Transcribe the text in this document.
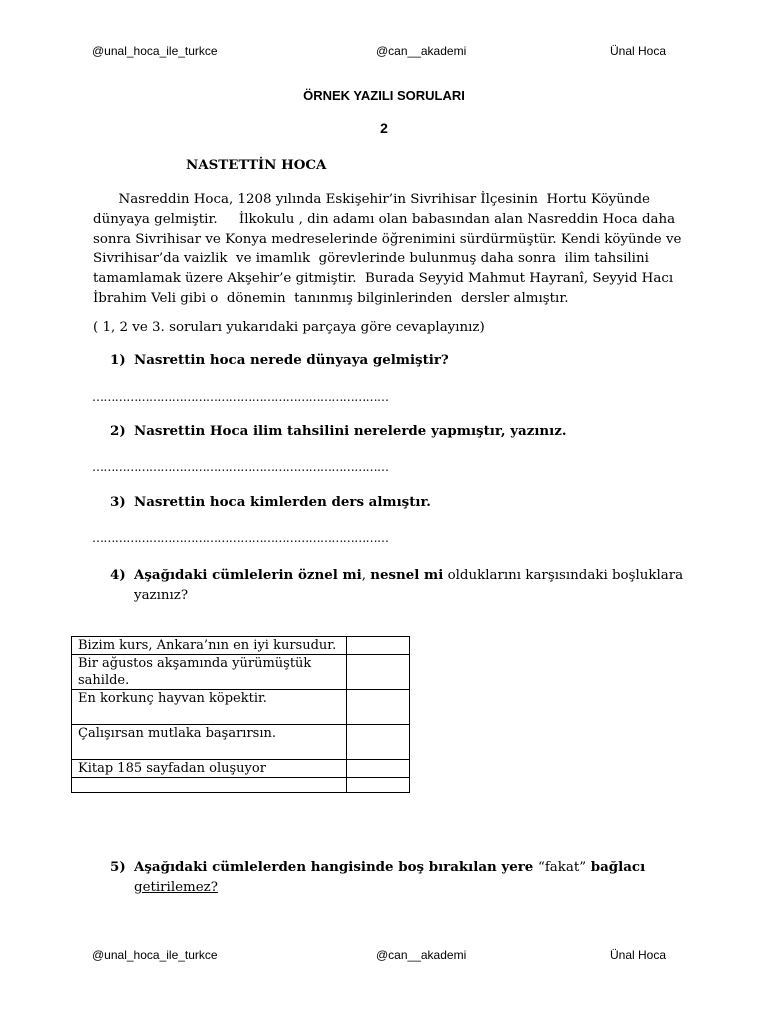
@unal_hoca_ile_turkce	@can__akademi	Ünal Hoca
ÖRNEK YAZILI SORULARI
2
NASTETTİN HOCA
Nasreddin Hoca, 1208 yılında Eskişehir’in Sivrihisar İlçesinin  Hortu Köyünde
dünyaya gelmiştir.     İlkokulu , din adamı olan babasından alan Nasreddin Hoca daha
sonra Sivrihisar ve Konya medreselerinde öğrenimini sürdürmüştür. Kendi köyünde ve
Sivrihisar’da vaizlik  ve imamlık  görevlerinde bulunmuş daha sonra  ilim tahsilini
tamamlamak üzere Akşehir’e gitmiştir.  Burada Seyyid Mahmut Hayranî, Seyyid Hacı
İbrahim Veli gibi o  dönemin  tanınmış bilginlerinden  dersler almıştır.
( 1, 2 ve 3. soruları yukarıdaki parçaya göre cevaplayınız)
1) Nasrettin hoca nerede dünyaya gelmiştir?
……………………………………………………………………
2) Nasrettin Hoca ilim tahsilini nerelerde yapmıştır, yazınız.
……………………………………………………………………
3) Nasrettin hoca kimlerden ders almıştır.
……………………………………………………………………
4) Aşağıdaki cümlelerin öznel mi, nesnel mi olduklarını karşısındaki boşluklara
yazınız?
Bizim kurs, Ankara’nın en iyi kursudur.	
Bir ağustos akşamında yürümüştük sahilde.	
En korkunç hayvan köpektir.	
Çalışırsan mutlaka başarırsın.	
Kitap 185 sayfadan oluşuyor	

5) Aşağıdaki cümlelerden hangisinde boş bırakılan yere “fakat” bağlacı
getirilemez?
@unal_hoca_ile_turkce	@can__akademi	Ünal Hoca
